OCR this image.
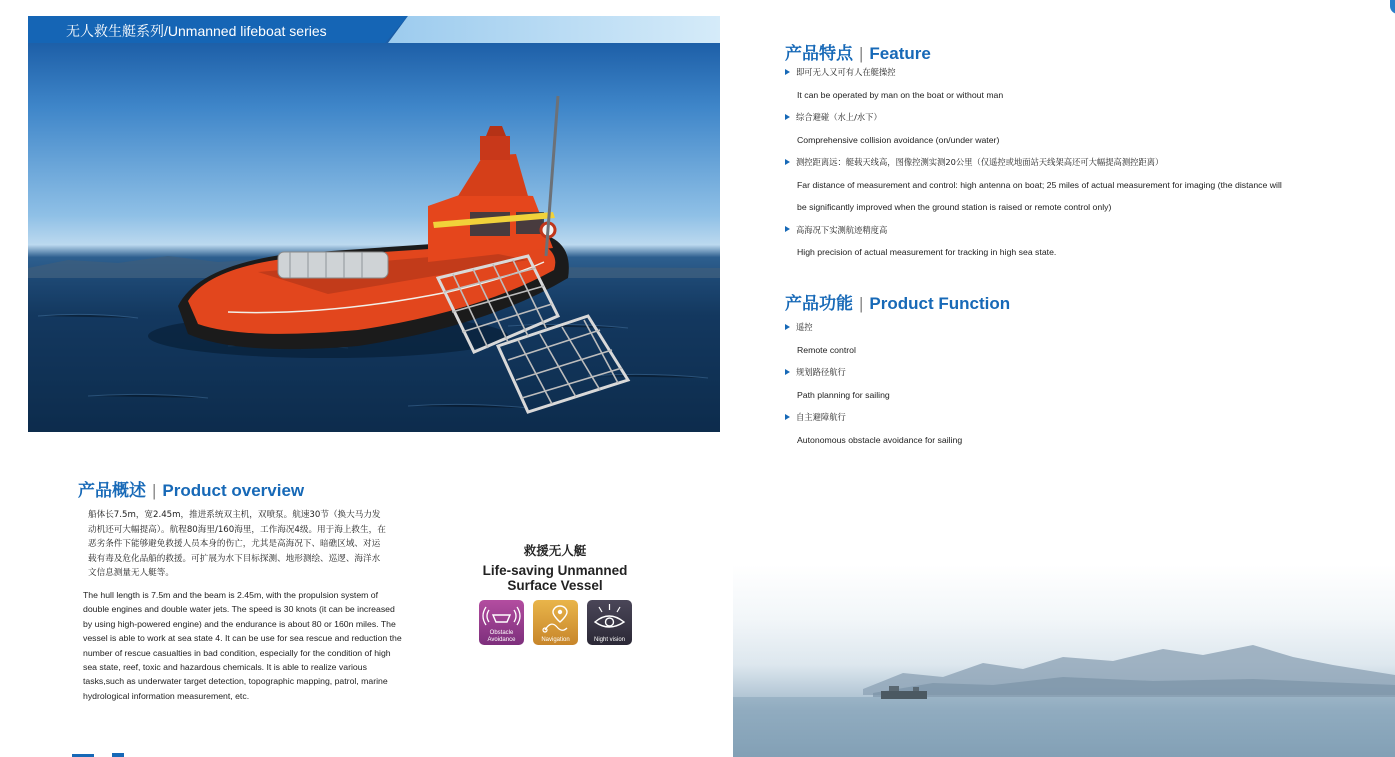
无人救生艇系列/Unmanned lifeboat series
产品概述 | Product overview

船体长7.5m，宽2.45m，推进系统双主机，双喷泵。航速30节（换大马力发动机还可大幅提高）。航程80海里/160海里，工作海况4级。用于海上救生，在恶劣条件下能够避免救援人员本身的伤亡，尤其是高海况下、暗礁区域、对运载有毒及危化品船的救援。可扩展为水下目标探测、地形测绘、巡逻、海洋水文信息测量无人艇等。

The hull length is 7.5m and the beam is 2.45m, with the propulsion system of double engines and double water jets. The speed is 30 knots (it can be increased by using high-powered engine) and the endurance is about 80 or 160n miles. The vessel is able to work at sea state 4. It can be use for sea rescue and reduction the number of rescue casualties in bad condition, especially for the condition of high sea state, reef, toxic and hazardous chemicals. It is able to realize various tasks,such as underwater target detection, topographic mapping, patrol, marine hydrological information measurement, etc.

救援无人艇
Life-saving Unmanned
Surface Vessel
Obstacle
Avoidance	Navigation	Night vision
产品特点 | Feature
即可无人又可有人在艇操控
It can be operated by man on the boat or without man
综合避碰（水上/水下）
Comprehensive collision avoidance (on/under water)
测控距离远：艇载天线高，图像控测实测20公里（仅遥控或地面站天线架高还可大幅提高测控距离）
Far distance of measurement and control: high antenna on boat; 25 miles of actual measurement for imaging (the distance will
be significantly improved when the ground station is raised or remote control only)
高海况下实测航迹精度高
High precision of actual measurement for tracking in high sea state.
产品功能 | Product Function
遥控
Remote control
规划路径航行
Path planning for sailing
自主避障航行
Autonomous obstacle avoidance for sailing
